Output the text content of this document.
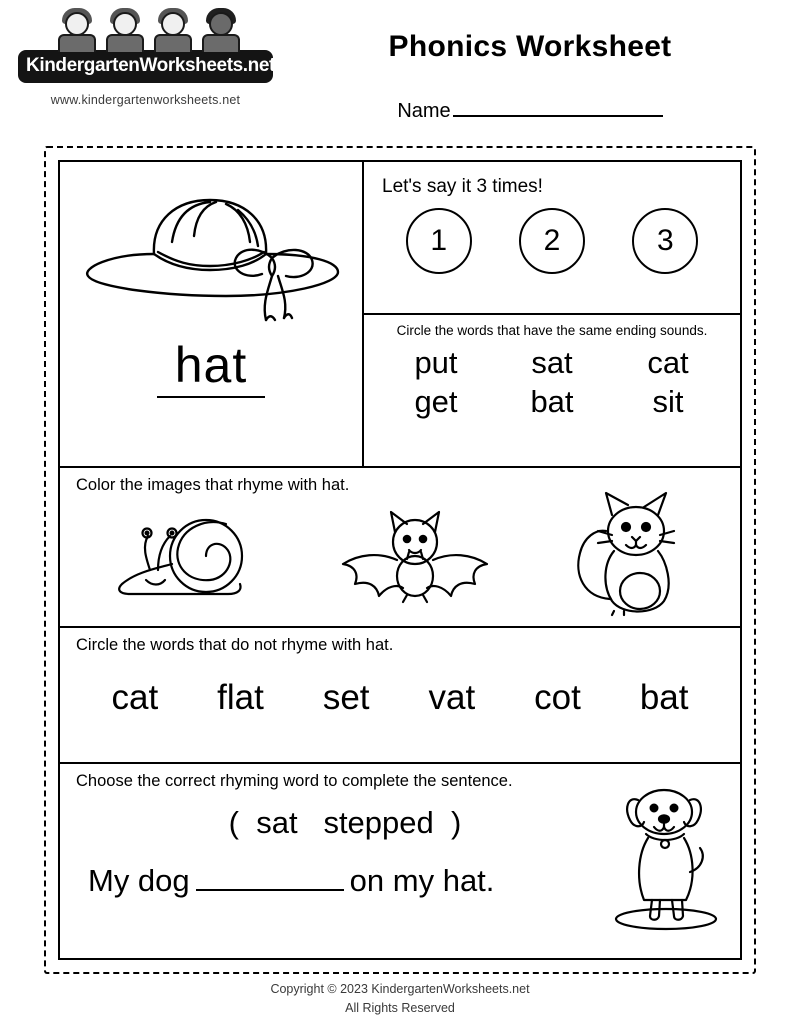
KindergartenWorksheets.net
www.kindergartenworksheets.net
Phonics Worksheet
Name
hat
Let's say it 3 times!
1	2	3
Circle the words that have the same ending sounds.
put	sat	cat
get	bat	sit
Color the images that rhyme with hat.
Circle the words that do not rhyme with hat.
cat flat set vat cot bat
Choose the correct rhyming word to complete the sentence.
( sat stepped )
My dog	on my hat.
Copyright © 2023 KindergartenWorksheets.net
All Rights Reserved
